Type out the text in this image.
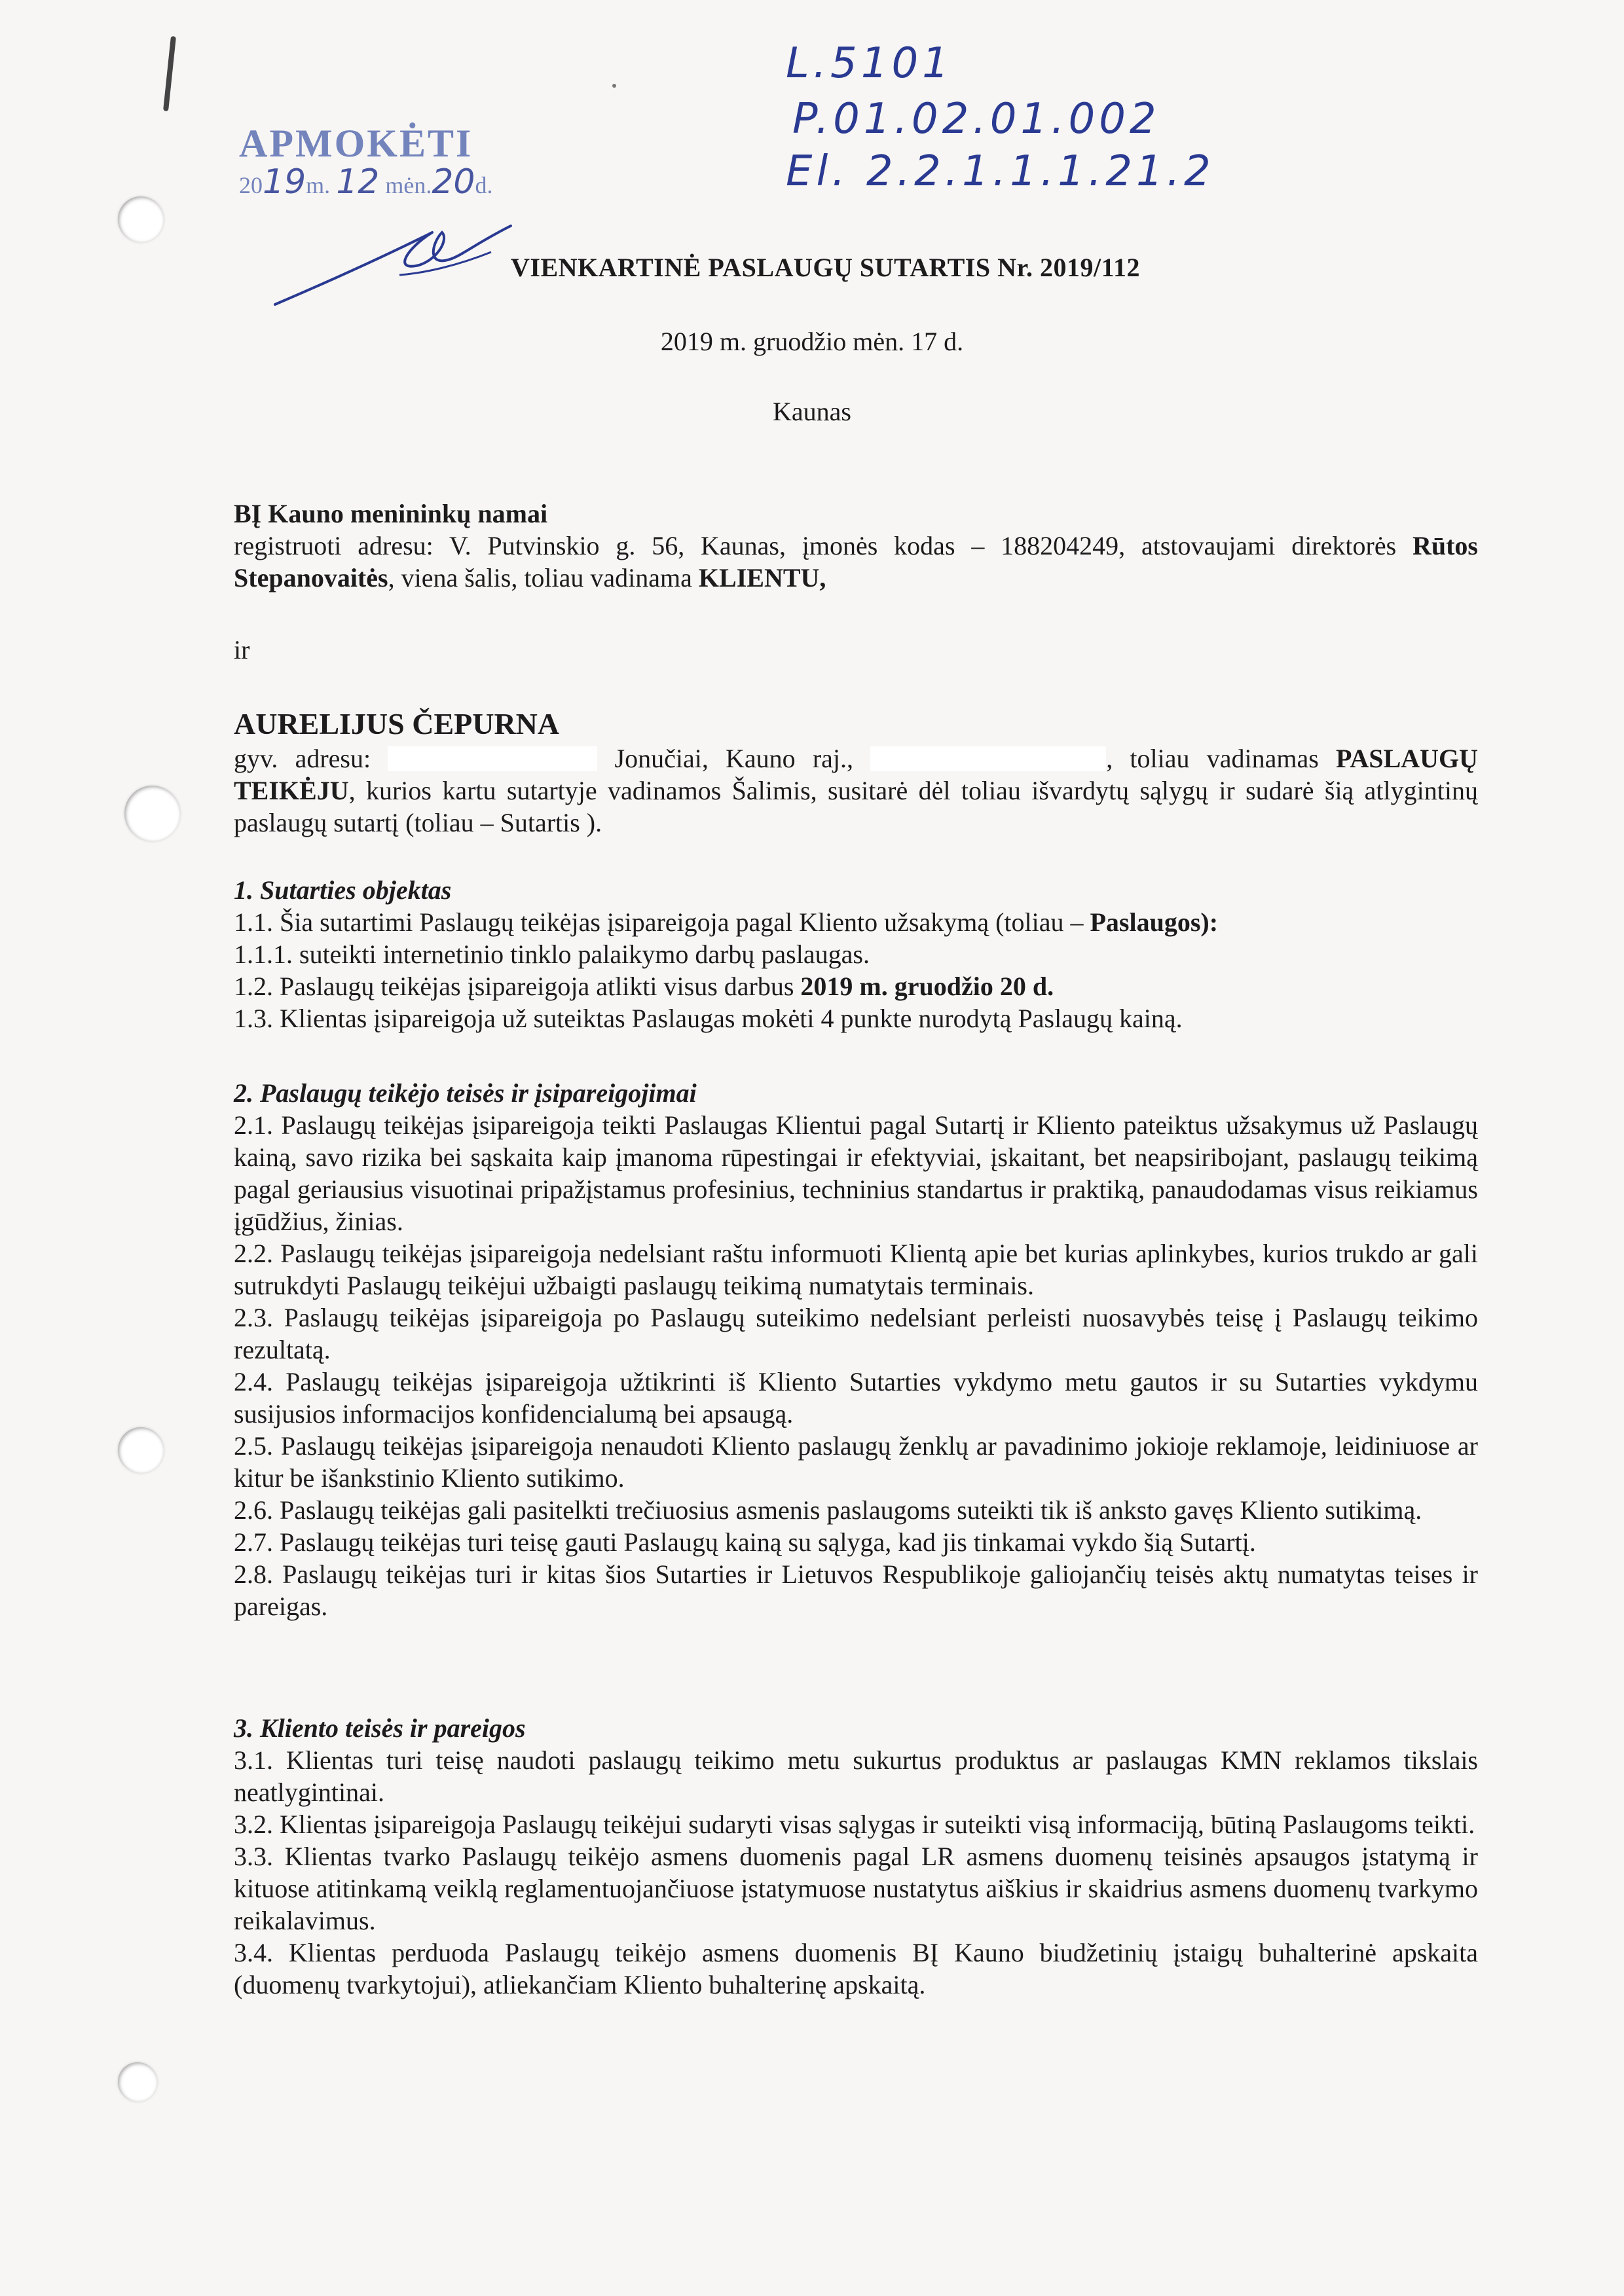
L.5101
P.01.02.01.002
El. 2.2.1.1.1.21.2
APMOKĖTI
2019m. 12 mėn.20d.
VIENKARTINĖ PASLAUGŲ SUTARTIS Nr. 2019/112
2019 m. gruodžio mėn. 17 d.
Kaunas

BĮ Kauno menininkų namai

registruoti adresu: V. Putvinskio g. 56, Kaunas, įmonės kodas – 188204249, atstovaujami direktorės Rūtos Stepanovaitės, viena šalis, toliau vadinama KLIENTU,

ir

AURELIJUS ČEPURNA

gyv. adresu:	Jonučiai, Kauno raj.,	, toliau vadinamas PASLAUGŲ TEIKĖJU, kurios kartu sutartyje vadinamos Šalimis, susitarė dėl toliau išvardytų sąlygų ir sudarė šią atlygintinų paslaugų sutartį (toliau – Sutartis ).

1. Sutarties objektas

1.1. Šia sutartimi Paslaugų teikėjas įsipareigoja pagal Kliento užsakymą (toliau – Paslaugos):

1.1.1. suteikti internetinio tinklo palaikymo darbų paslaugas.

1.2. Paslaugų teikėjas įsipareigoja atlikti visus darbus 2019 m. gruodžio 20 d.

1.3. Klientas įsipareigoja už suteiktas Paslaugas mokėti 4 punkte nurodytą Paslaugų kainą.

2. Paslaugų teikėjo teisės ir įsipareigojimai

2.1. Paslaugų teikėjas įsipareigoja teikti Paslaugas Klientui pagal Sutartį ir Kliento pateiktus užsakymus už Paslaugų kainą, savo rizika bei sąskaita kaip įmanoma rūpestingai ir efektyviai, įskaitant, bet neapsiribojant, paslaugų teikimą pagal geriausius visuotinai pripažįstamus profesinius, techninius standartus ir praktiką, panaudodamas visus reikiamus įgūdžius, žinias.

2.2. Paslaugų teikėjas įsipareigoja nedelsiant raštu informuoti Klientą apie bet kurias aplinkybes, kurios trukdo ar gali sutrukdyti Paslaugų teikėjui užbaigti paslaugų teikimą numatytais terminais.

2.3. Paslaugų teikėjas įsipareigoja po Paslaugų suteikimo nedelsiant perleisti nuosavybės teisę į Paslaugų teikimo rezultatą.

2.4. Paslaugų teikėjas įsipareigoja užtikrinti iš Kliento Sutarties vykdymo metu gautos ir su Sutarties vykdymu susijusios informacijos konfidencialumą bei apsaugą.

2.5. Paslaugų teikėjas įsipareigoja nenaudoti Kliento paslaugų ženklų ar pavadinimo jokioje reklamoje, leidiniuose ar kitur be išankstinio Kliento sutikimo.

2.6. Paslaugų teikėjas gali pasitelkti trečiuosius asmenis paslaugoms suteikti tik iš anksto gavęs Kliento sutikimą.

2.7. Paslaugų teikėjas turi teisę gauti Paslaugų kainą su sąlyga, kad jis tinkamai vykdo šią Sutartį.

2.8. Paslaugų teikėjas turi ir kitas šios Sutarties ir Lietuvos Respublikoje galiojančių teisės aktų numatytas teises ir pareigas.

3. Kliento teisės ir pareigos

3.1. Klientas turi teisę naudoti paslaugų teikimo metu sukurtus produktus ar paslaugas KMN reklamos tikslais neatlygintinai.

3.2. Klientas įsipareigoja Paslaugų teikėjui sudaryti visas sąlygas ir suteikti visą informaciją, būtiną Paslaugoms teikti.

3.3. Klientas tvarko Paslaugų teikėjo asmens duomenis pagal LR asmens duomenų teisinės apsaugos įstatymą ir kituose atitinkamą veiklą reglamentuojančiuose įstatymuose nustatytus aiškius ir skaidrius asmens duomenų tvarkymo reikalavimus.

3.4. Klientas perduoda Paslaugų teikėjo asmens duomenis BĮ Kauno biudžetinių įstaigų buhalterinė apskaita (duomenų tvarkytojui), atliekančiam Kliento buhalterinę apskaitą.
